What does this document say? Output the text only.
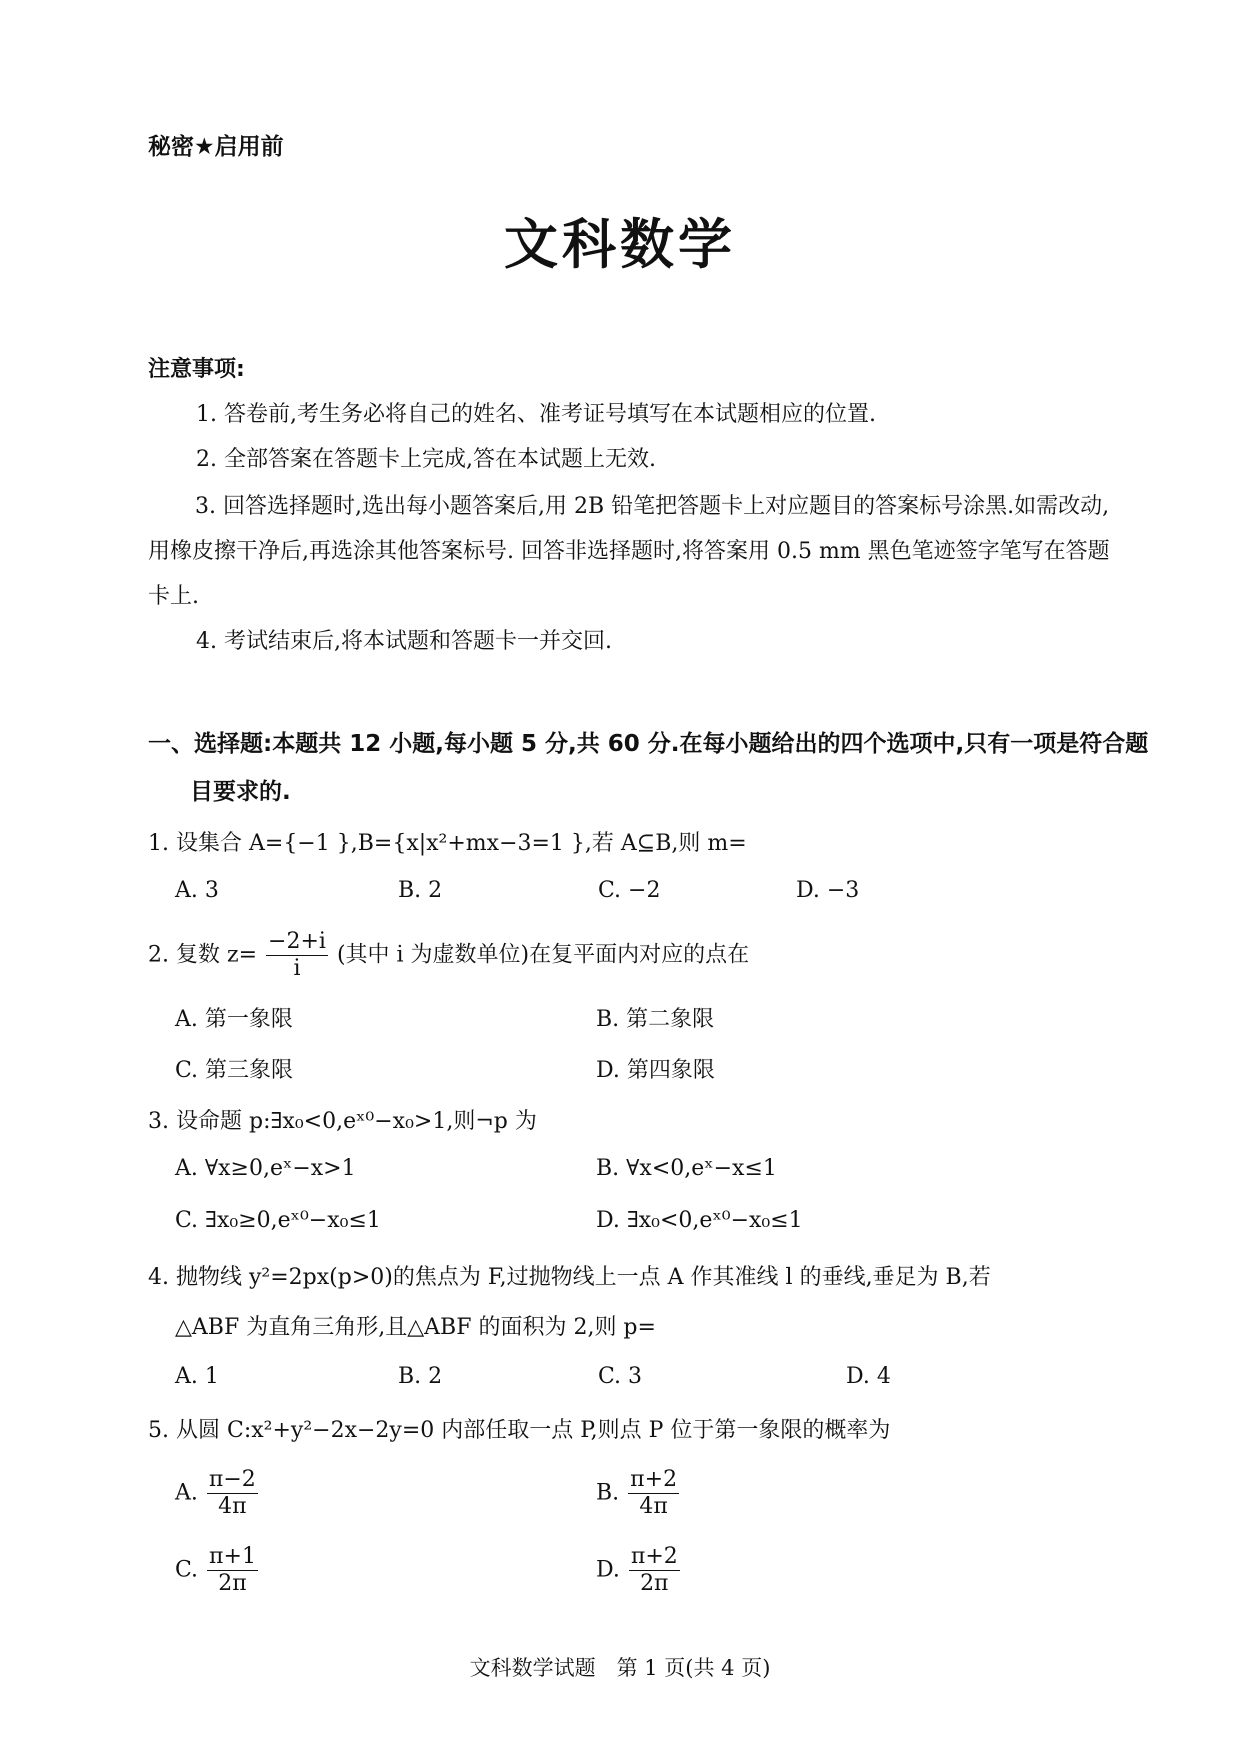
秘密★启用前
文科数学
注意事项:
1. 答卷前,考生务必将自己的姓名、准考证号填写在本试题相应的位置.
2. 全部答案在答题卡上完成,答在本试题上无效.
3. 回答选择题时,选出每小题答案后,用 2B 铅笔把答题卡上对应题目的答案标号涂黑.如需改动,用橡皮擦干净后,再选涂其他答案标号. 回答非选择题时,将答案用 0.5 mm 黑色笔迹签字笔写在答题卡上.
4. 考试结束后,将本试题和答题卡一并交回.
一、选择题:本题共 12 小题,每小题 5 分,共 60 分.在每小题给出的四个选项中,只有一项是符合题目要求的.
1. 设集合 A={−1 },B={x|x²+mx−3=1 },若 A⊆B,则 m=
A. 3	B. 2	C. −2	D. −3
2. 复数 $z= \frac{-2+i}{i}$ (其中 i 为虚数单位)在复平面内对应的点在
A. 第一象限	B. 第二象限
C. 第三象限	D. 第四象限
3. 设命题 p:∃x₀<0,eˣ⁰−x₀>1,则¬p 为
A. ∀x≥0,eˣ−x>1	B. ∀x<0,eˣ−x≤1
C. ∃x₀≥0,eˣ⁰−x₀≤1	D. ∃x₀<0,eˣ⁰−x₀≤1
4. 抛物线 y²=2px(p>0)的焦点为 F,过抛物线上一点 A 作其准线 l 的垂线,垂足为 B,若
△ABF 为直角三角形,且△ABF 的面积为 2,则 p=
A. 1	B. 2	C. 3	D. 4
5. 从圆 C:x²+y²−2x−2y=0 内部任取一点 P,则点 P 位于第一象限的概率为
A. $\frac{\pi-2}{4\pi}$	B. $\frac{\pi+2}{4\pi}$
C. $\frac{\pi+1}{2\pi}$	D. $\frac{\pi+2}{2\pi}$
文科数学试题　第 1 页(共 4 页)
